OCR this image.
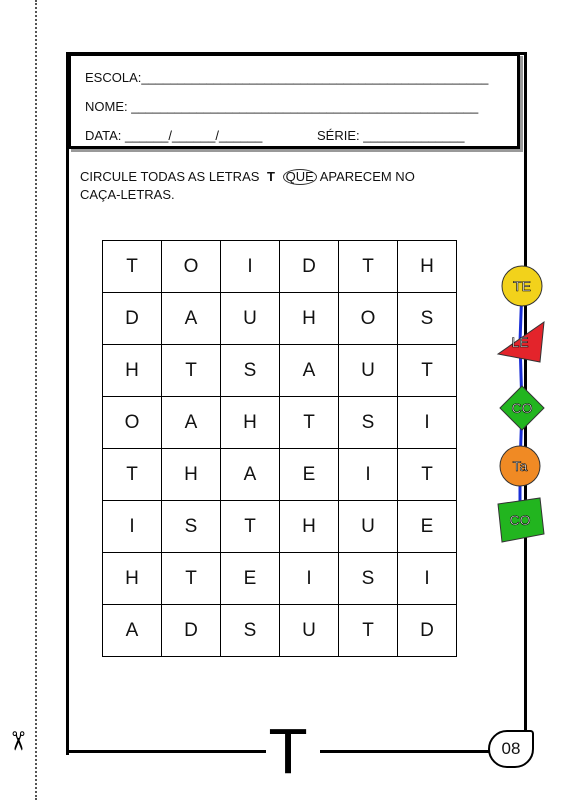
✂	T	08
ESCOLA:________________________________________________
NOME: ________________________________________________
DATA: ______/______/______	SÉRIE: ______________
CIRCULE TODAS AS LETRAS T QUE APARECEM NO
CAÇA-LETRAS.
T	O	I	D	T	H
D	A	U	H	O	S
H	T	S	A	U	T
O	A	H	T	S	I
T	H	A	E	I	T
I	S	T	H	U	E
H	T	E	I	S	I
A	D	S	U	T	D
TE
LE
CO
Ta
CO
